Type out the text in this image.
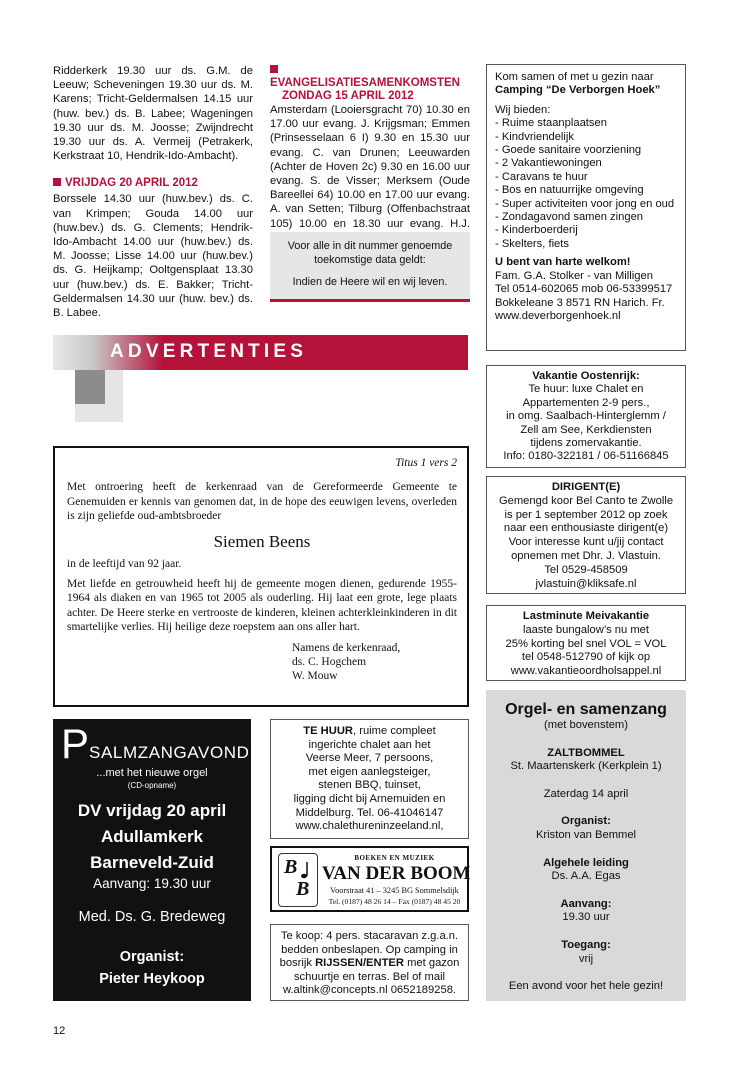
Ridderkerk 19.30 uur ds. G.M. de Leeuw; Scheveningen 19.30 uur ds. M. Karens; Tricht-Geldermalsen 14.15 uur (huw. bev.) ds. B. Labee; Wageningen 19.30 uur ds. M. Joosse; Zwijndrecht 19.30 uur ds. A. Vermeij (Petrakerk, Kerkstraat 10, Hendrik-Ido-Ambacht).

VRIJDAG 20 APRIL 2012

Borssele 14.30 uur (huw.bev.) ds. C. van Krimpen; Gouda 14.00 uur (huw.bev.) ds. G. Clements; Hendrik-Ido-Ambacht 14.00 uur (huw.bev.) ds. M. Joosse; Lisse 14.00 uur (huw.bev.) ds. G. Heijkamp; Ooltgensplaat 13.30 uur (huw.bev.) ds. E. Bakker; Tricht-Geldermalsen 14.30 uur (huw. bev.) ds. B. Labee.

EVANGELISATIESAMENKOMSTEN
ZONDAG 15 APRIL 2012

Amsterdam (Looiersgracht 70) 10.30 en 17.00 uur evang. J. Krijgsman; Emmen (Prinsesselaan 6 I) 9.30 en 15.30 uur evang. C. van Drunen; Leeuwarden (Achter de Hoven 2c) 9.30 en 16.00 uur evang. S. de Visser; Merksem (Oude Bareellei 64) 10.00 en 17.00 uur evang. A. van Setten; Tilburg (Offenbachstraat 105) 10.00 en 18.30 uur evang. H.J.

Voor alle in dit nummer genoemde toekomstige data geldt:

Indien de Heere wil en wij leven.

Kom samen of met u gezin naar

Camping “De Verborgen Hoek”

Wij bieden:

- Ruime staanplaatsen
- Kindvriendelijk
- Goede sanitaire voorziening
- 2 Vakantiewoningen
- Caravans te huur
- Bos en natuurrijke omgeving
- Super activiteiten voor jong en oud
- Zondagavond samen zingen
- Kinderboerderij
- Skelters, fiets

U bent van harte welkom!

Fam. G.A. Stolker - van Milligen

Tel 0514-602065 mob 06-53399517

Bokkeleane 3 8571 RN Harich. Fr.

www.deverborgenhoek.nl

ADVERTENTIES

Vakantie Oostenrijk:

Te huur: luxe Chalet en

Appartementen 2-9 pers.,

in omg. Saalbach-Hinterglemm /

Zell am See, Kerkdiensten

tijdens zomervakantie.

Info: 0180-322181 / 06-51166845

Titus 1 vers 2

Met ontroering heeft de kerkenraad van de Gereformeerde Gemeente te Genemuiden er kennis van genomen dat, in de hope des eeuwigen levens, overleden is zijn geliefde oud-ambtsbroeder

Siemen Beens

in de leeftijd van 92 jaar.

Met liefde en getrouwheid heeft hij de gemeente mogen dienen, gedurende 1955-1964 als diaken en van 1965 tot 2005 als ouderling. Hij laat een grote, lege plaats achter. De Heere sterke en vertrooste de kinderen, kleinen achterkleinkinderen in dit smartelijke verlies. Hij heilige deze roepstem aan ons aller hart.

Namens de kerkenraad,

ds. C. Hogchem

W. Mouw

DIRIGENT(E)

Gemengd koor Bel Canto te Zwolle

is per 1 september 2012 op zoek

naar een enthousiaste dirigent(e)

Voor interesse kunt u/jij contact

opnemen met Dhr. J. Vlastuin.

Tel 0529-458509

jvlastuin@kliksafe.nl

Lastminute Meivakantie

laaste bungalow’s nu met

25% korting bel snel VOL = VOL

tel 0548-512790 of kijk op

www.vakantieoordholsappel.nl

PSALMZANGAVOND

...met het nieuwe orgel

(CD-opname)

DV vrijdag 20 april

Adullamkerk

Barneveld-Zuid

Aanvang: 19.30 uur

Med. Ds. G. Bredeweg

Organist:

Pieter Heykoop

TE HUUR, ruime compleet

ingerichte chalet aan het

Veerse Meer, 7 persoons,

met eigen aanlegsteiger,

stenen BBQ, tuinset,

ligging dicht bij Arnemuiden en

Middelburg. Tel. 06-41046147

www.chalethureninzeeland.nl,

B
B

BOEKEN EN MUZIEK

VAN DER BOOM

Voorstraat 41 – 3245 BG Sommelsdijk

Tel. (0187) 48 26 14 – Fax (0187) 48 45 20

Te koop: 4 pers. stacaravan z.g.a.n.

bedden onbeslapen. Op camping in

bosrijk RIJSSEN/ENTER met gazon

schuurtje en terras. Bel of mail

w.altink@concepts.nl 0652189258.

Orgel- en samenzang

(met bovenstem)

ZALTBOMMEL

St. Maartenskerk (Kerkplein 1)

Zaterdag 14 april

Organist:

Kriston van Bemmel

Algehele leiding

Ds. A.A. Egas

Aanvang:

19.30 uur

Toegang:

vrij

Een avond voor het hele gezin!

12
